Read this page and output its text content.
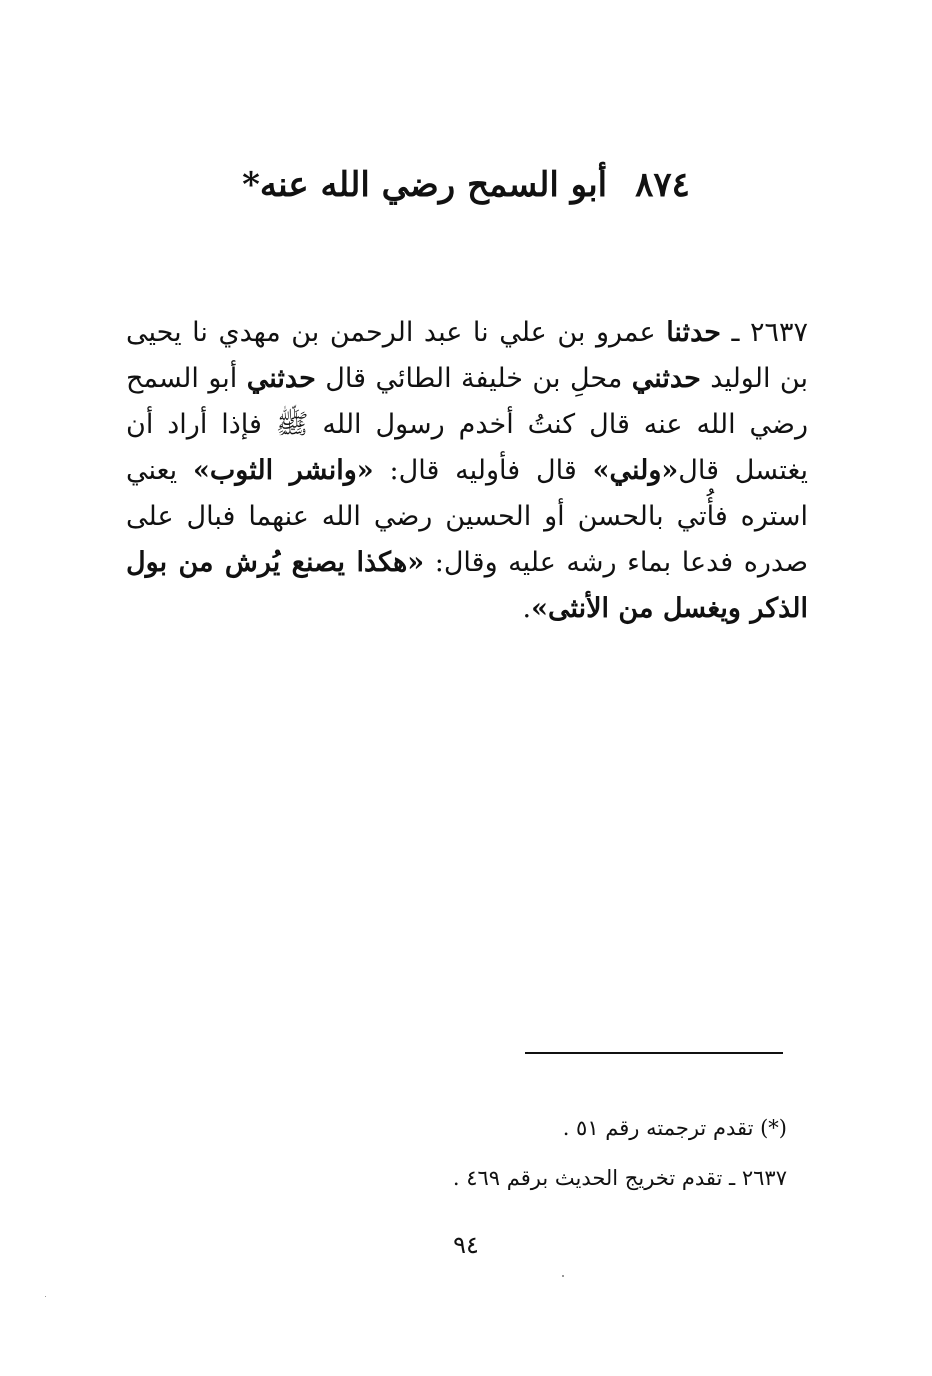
٨٧٤أبو السمح رضي الله عنه*
٢٦٣٧ ـ حدثنا عمرو بن علي نا عبد الرحمن بن مهدي نا يحيى بن الوليد حدثني محلِ بن خليفة الطائي قال حدثني أبو السمح رضي الله عنه قال كنتُ أخدم رسول الله ﷺ فإذا أراد أن يغتسل قال«ولني» قال فأوليه قال: «وانشر الثوب» يعني استره فأُتي بالحسن أو الحسين رضي الله عنهما فبال على صدره فدعا بماء رشه عليه وقال: «هكذا يصنع يُرش من بول الذكر ويغسل من الأنثى».
(*) تقدم ترجمته رقم ٥١ .
٢٦٣٧ ـ تقدم تخريج الحديث برقم ٤٦٩ .
٩٤
